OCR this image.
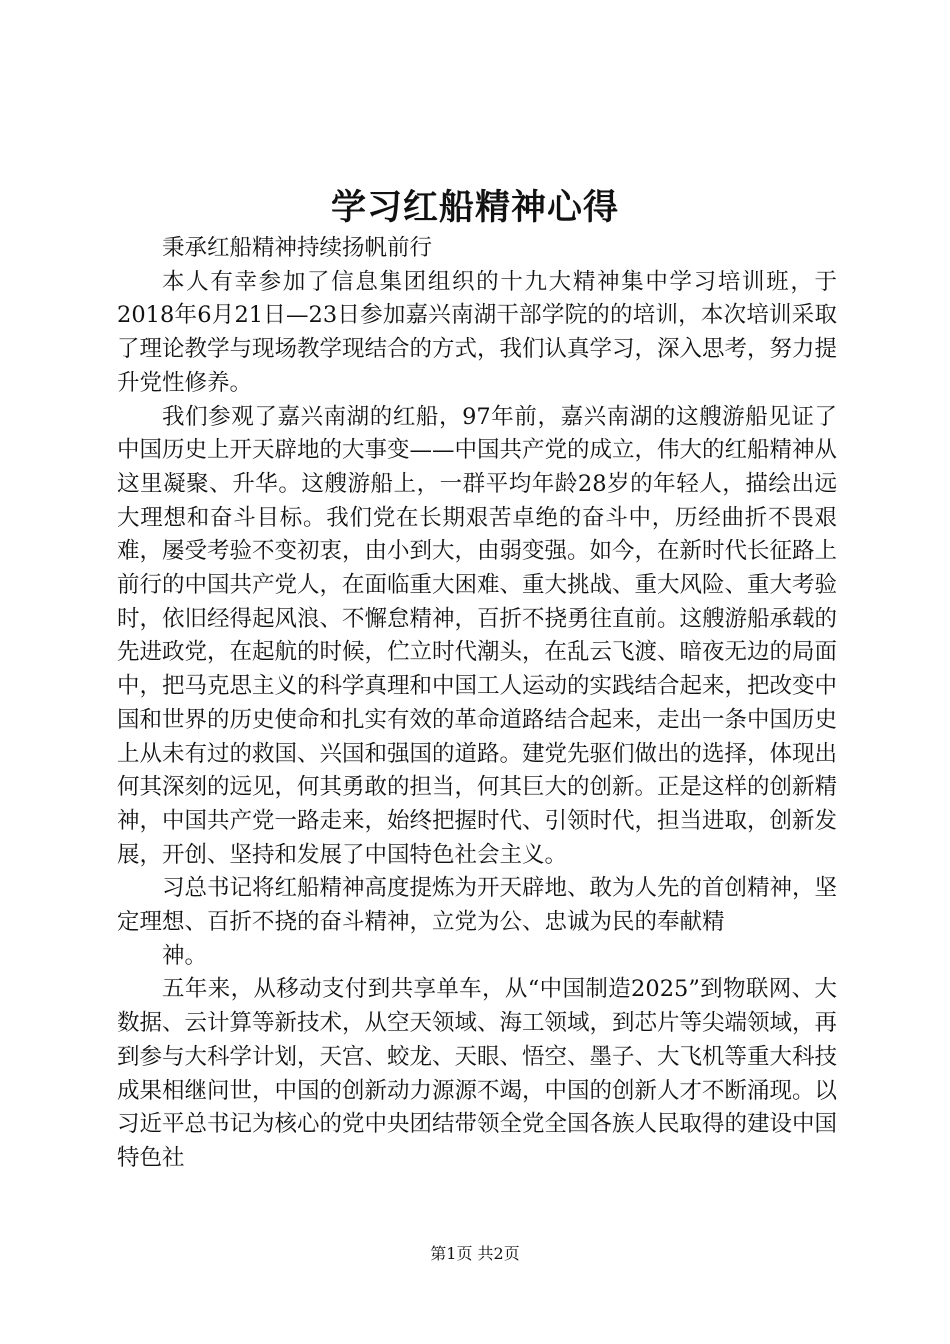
学习红船精神心得

秉承红船精神持续扬帆前行

本人有幸参加了信息集团组织的十九大精神集中学习培训班，于2018年6月21日—23日参加嘉兴南湖干部学院的的培训，本次培训采取了理论教学与现场教学现结合的方式，我们认真学习，深入思考，努力提升党性修养。

我们参观了嘉兴南湖的红船，97年前，嘉兴南湖的这艘游船见证了中国历史上开天辟地的大事变——中国共产党的成立，伟大的红船精神从这里凝聚、升华。这艘游船上，一群平均年龄28岁的年轻人，描绘出远大理想和奋斗目标。我们党在长期艰苦卓绝的奋斗中，历经曲折不畏艰难，屡受考验不变初衷，由小到大，由弱变强。如今，在新时代长征路上前行的中国共产党人，在面临重大困难、重大挑战、重大风险、重大考验时，依旧经得起风浪、不懈怠精神，百折不挠勇往直前。这艘游船承载的先进政党，在起航的时候，伫立时代潮头，在乱云飞渡、暗夜无边的局面中，把马克思主义的科学真理和中国工人运动的实践结合起来，把改变中国和世界的历史使命和扎实有效的革命道路结合起来，走出一条中国历史上从未有过的救国、兴国和强国的道路。建党先驱们做出的选择，体现出何其深刻的远见，何其勇敢的担当，何其巨大的创新。正是这样的创新精神，中国共产党一路走来，始终把握时代、引领时代，担当进取，创新发展，开创、坚持和发展了中国特色社会主义。

习总书记将红船精神高度提炼为开天辟地、敢为人先的首创精神，坚定理想、百折不挠的奋斗精神，立党为公、忠诚为民的奉献精

神。

五年来，从移动支付到共享单车，从“中国制造2025”到物联网、大数据、云计算等新技术，从空天领域、海工领域，到芯片等尖端领域，再到参与大科学计划，天宫、蛟龙、天眼、悟空、墨子、大飞机等重大科技成果相继问世，中国的创新动力源源不竭，中国的创新人才不断涌现。以习近平总书记为核心的党中央团结带领全党全国各族人民取得的建设中国特色社

第1页 共2页
